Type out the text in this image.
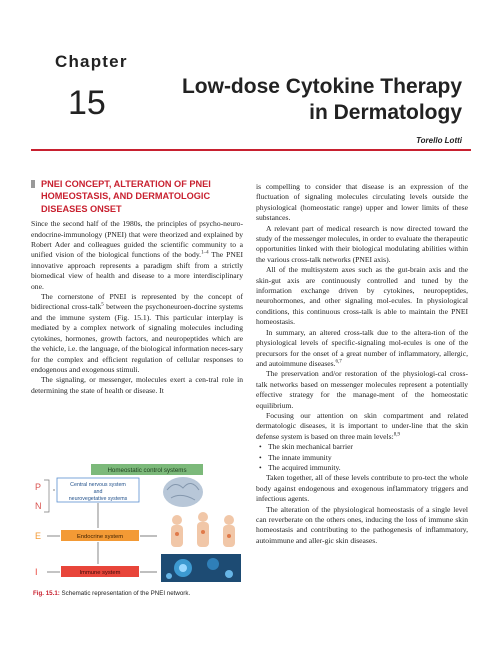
Chapter
15	Low-dose Cytokine Therapy
in Dermatology
Torello Lotti
PNEI CONCEPT, ALTERATION OF PNEI
HOMEOSTASIS, AND DERMATOLOGIC
DISEASES ONSET

Since the second half of the 1980s, the principles of psycho-neuro-endocrine-immunology (PNEI) that were theorized and explained by Robert Ader and colleagues guided the scientific community to a unified vision of the biological functions of the body.$^{1-4}$ The PNEI innovative approach represents a paradigm shift from a strictly biomedical view of health and disease to a more interdisciplinary one.

The cornerstone of PNEI is represented by the concept of bidirectional cross-talk$^5$ between the psychoneuroen-docrine systems and the immune system (Fig. 15.1). This particular interplay is mediated by a complex network of signaling molecules including cytokines, hormones, growth factors, and neuropeptides which are the vehicle, i.e. the language, of the biological information neces-sary for the complex and efficient regulation of cellular responses to endogenous and exogenous stimuli.

The signaling, or messenger, molecules exert a cen-tral role in determining the state of health or disease. It

Homeostatic control systems
P
N
E
I
Central nervous system
and
neurovegetative systems
Endocrine system
Immune system
Fig. 15.1: Schematic representation of the PNEI network.

is compelling to consider that disease is an expression of the fluctuation of signaling molecules circulating levels outside the physiological (homeostatic range) upper and lower limits of these substances.

A relevant part of medical research is now directed toward the study of the messenger molecules, in order to evaluate the therapeutic opportunities linked with their biological modulating abilities within the various cross-talk networks (PNEI axis).

All of the multisystem axes such as the gut-brain axis and the skin-gut axis are continuously controlled and tuned by the information exchange driven by cytokines, neuropeptides, neurohormones, and other signaling mol-ecules. In physiological conditions, this continuous cross-talk is able to maintain the PNEI homeostasis.

In summary, an altered cross-talk due to the altera-tion of the physiological levels of specific-signaling mol-ecules is one of the precursors for the onset of a great number of inflammatory, allergic, and autoimmune diseases.$^{6,7}$

The preservation and/or restoration of the physiologi-cal cross-talk networks based on messenger molecules represent a potentially effective strategy for the manage-ment of the homeostatic equilibrium.

Focusing our attention on skin compartment and related dermatologic diseases, it is important to under-line that the skin defense system is based on three main levels:$^{8,9}$

• The skin mechanical barrier
• The innate immunity
• The acquired immunity.

Taken together, all of these levels contribute to pro-tect the whole body against endogenous and exogenous inflammatory triggers and infectious agents.

The alteration of the physiological homeostasis of a single level can reverberate on the others ones, inducing the loss of immune skin homeostasis and contributing to the pathogenesis of inflammatory, autoimmune and aller-gic skin diseases.
